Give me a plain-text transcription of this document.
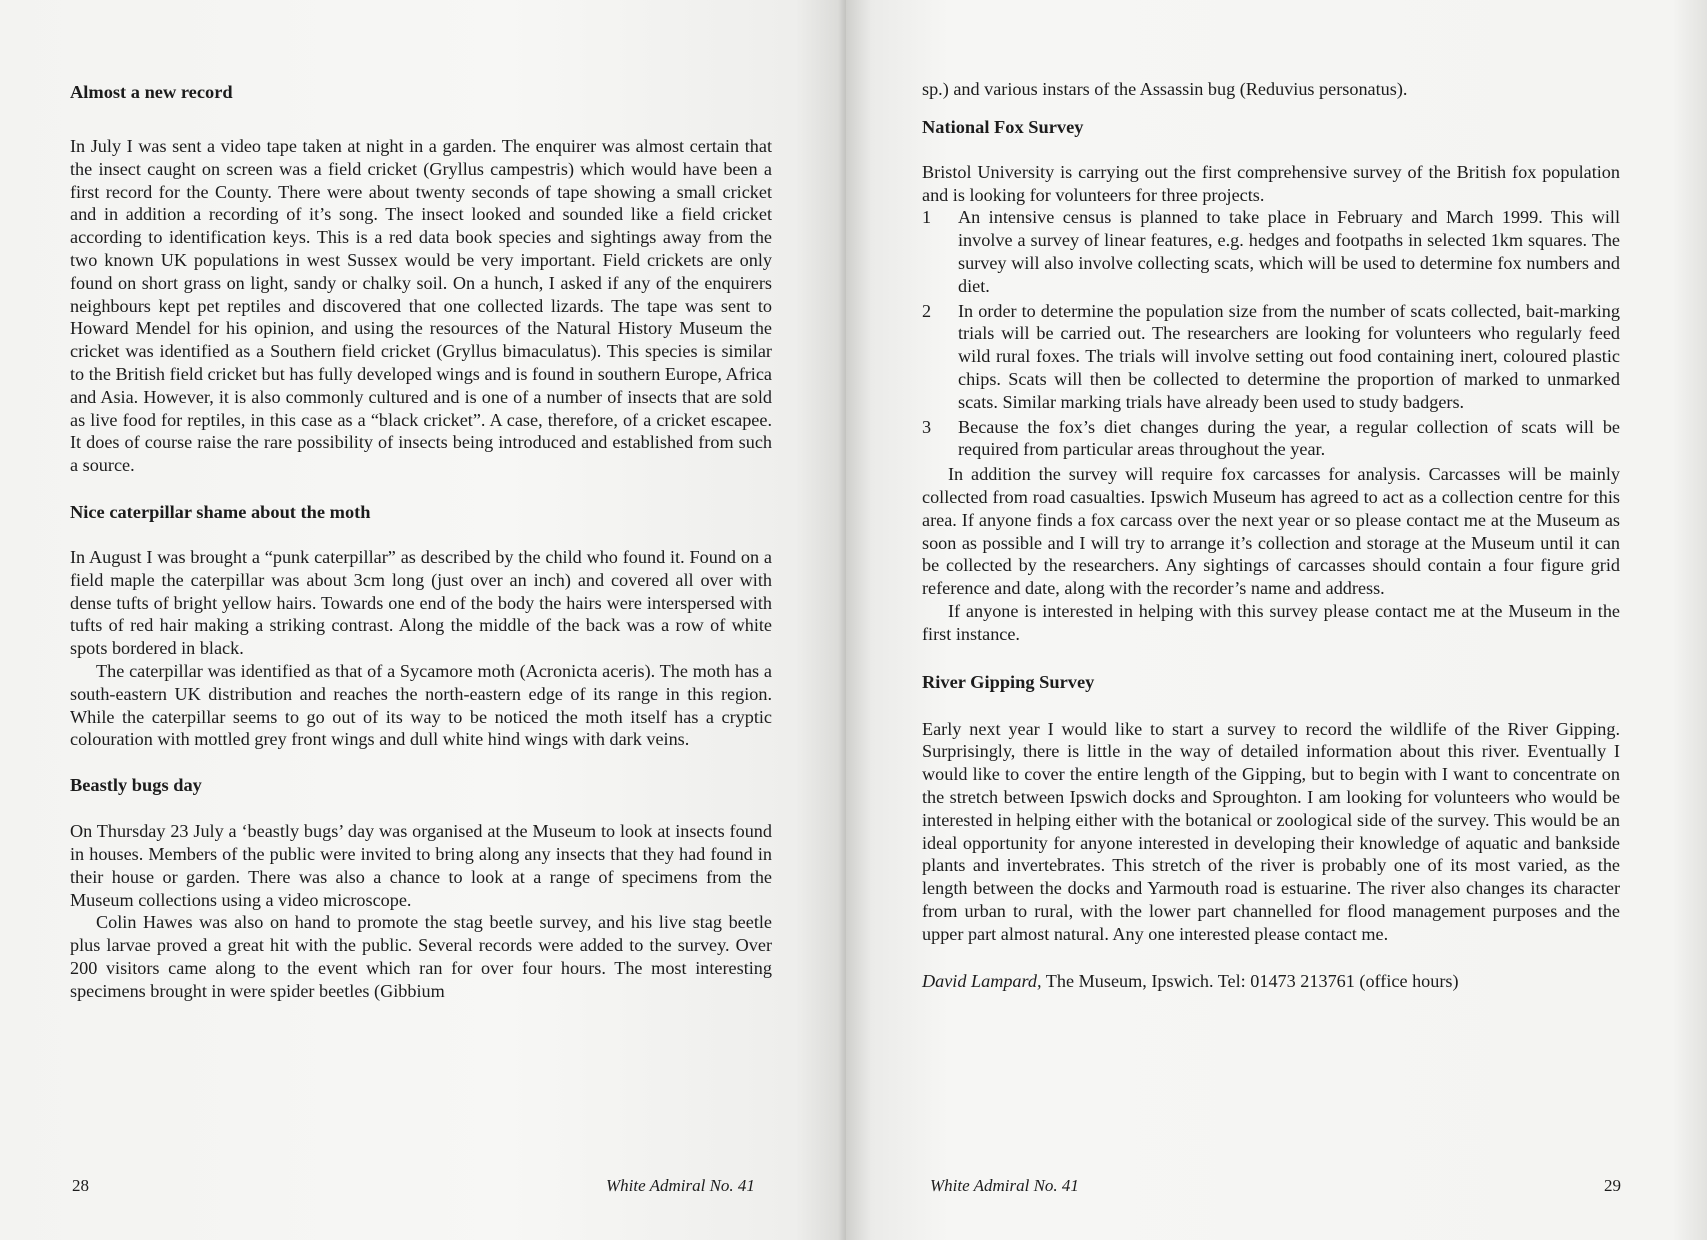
Almost a new record

In July I was sent a video tape taken at night in a garden. The enquirer was almost certain that the insect caught on screen was a field cricket (Gryllus campestris) which would have been a first record for the County. There were about twenty seconds of tape showing a small cricket and in addition a recording of it’s song. The insect looked and sounded like a field cricket according to identification keys. This is a red data book species and sightings away from the two known UK populations in west Sussex would be very important. Field crickets are only found on short grass on light, sandy or chalky soil. On a hunch, I asked if any of the enquirers neighbours kept pet reptiles and discovered that one collected lizards. The tape was sent to Howard Mendel for his opinion, and using the resources of the Natural History Museum the cricket was identified as a Southern field cricket (Gryllus bimaculatus). This species is similar to the British field cricket but has fully developed wings and is found in southern Europe, Africa and Asia. However, it is also commonly cultured and is one of a number of insects that are sold as live food for reptiles, in this case as a “black cricket”. A case, therefore, of a cricket escapee. It does of course raise the rare possibility of insects being introduced and established from such a source.

Nice caterpillar shame about the moth

In August I was brought a “punk caterpillar” as described by the child who found it. Found on a field maple the caterpillar was about 3cm long (just over an inch) and covered all over with dense tufts of bright yellow hairs. Towards one end of the body the hairs were interspersed with tufts of red hair making a striking contrast. Along the middle of the back was a row of white spots bordered in black.

The caterpillar was identified as that of a Sycamore moth (Acronicta aceris). The moth has a south-eastern UK distribution and reaches the north-eastern edge of its range in this region. While the caterpillar seems to go out of its way to be noticed the moth itself has a cryptic colouration with mottled grey front wings and dull white hind wings with dark veins.

Beastly bugs day

On Thursday 23 July a ‘beastly bugs’ day was organised at the Museum to look at insects found in houses. Members of the public were invited to bring along any insects that they had found in their house or garden. There was also a chance to look at a range of specimens from the Museum collections using a video microscope.

Colin Hawes was also on hand to promote the stag beetle survey, and his live stag beetle plus larvae proved a great hit with the public. Several records were added to the survey. Over 200 visitors came along to the event which ran for over four hours. The most interesting specimens brought in were spider beetles (Gibbium

28	White Admiral No. 41

sp.) and various instars of the Assassin bug (Reduvius personatus).

National Fox Survey

Bristol University is carrying out the first comprehensive survey of the British fox population and is looking for volunteers for three projects.

1 An intensive census is planned to take place in February and March 1999. This will involve a survey of linear features, e.g. hedges and footpaths in selected 1km squares. The survey will also involve collecting scats, which will be used to determine fox numbers and diet.
2 In order to determine the population size from the number of scats collected, bait-marking trials will be carried out. The researchers are looking for volunteers who regularly feed wild rural foxes. The trials will involve setting out food containing inert, coloured plastic chips. Scats will then be collected to determine the proportion of marked to unmarked scats. Similar marking trials have already been used to study badgers.
3 Because the fox’s diet changes during the year, a regular collection of scats will be required from particular areas throughout the year.

In addition the survey will require fox carcasses for analysis. Carcasses will be mainly collected from road casualties. Ipswich Museum has agreed to act as a collection centre for this area. If anyone finds a fox carcass over the next year or so please contact me at the Museum as soon as possible and I will try to arrange it’s collection and storage at the Museum until it can be collected by the researchers. Any sightings of carcasses should contain a four figure grid reference and date, along with the recorder’s name and address.

If anyone is interested in helping with this survey please contact me at the Museum in the first instance.

River Gipping Survey

Early next year I would like to start a survey to record the wildlife of the River Gipping. Surprisingly, there is little in the way of detailed information about this river. Eventually I would like to cover the entire length of the Gipping, but to begin with I want to concentrate on the stretch between Ipswich docks and Sproughton. I am looking for volunteers who would be interested in helping either with the botanical or zoological side of the survey. This would be an ideal opportunity for anyone interested in developing their knowledge of aquatic and bankside plants and invertebrates. This stretch of the river is probably one of its most varied, as the length between the docks and Yarmouth road is estuarine. The river also changes its character from urban to rural, with the lower part channelled for flood management purposes and the upper part almost natural. Any one interested please contact me.

David Lampard, The Museum, Ipswich. Tel: 01473 213761 (office hours)

White Admiral No. 41	29
